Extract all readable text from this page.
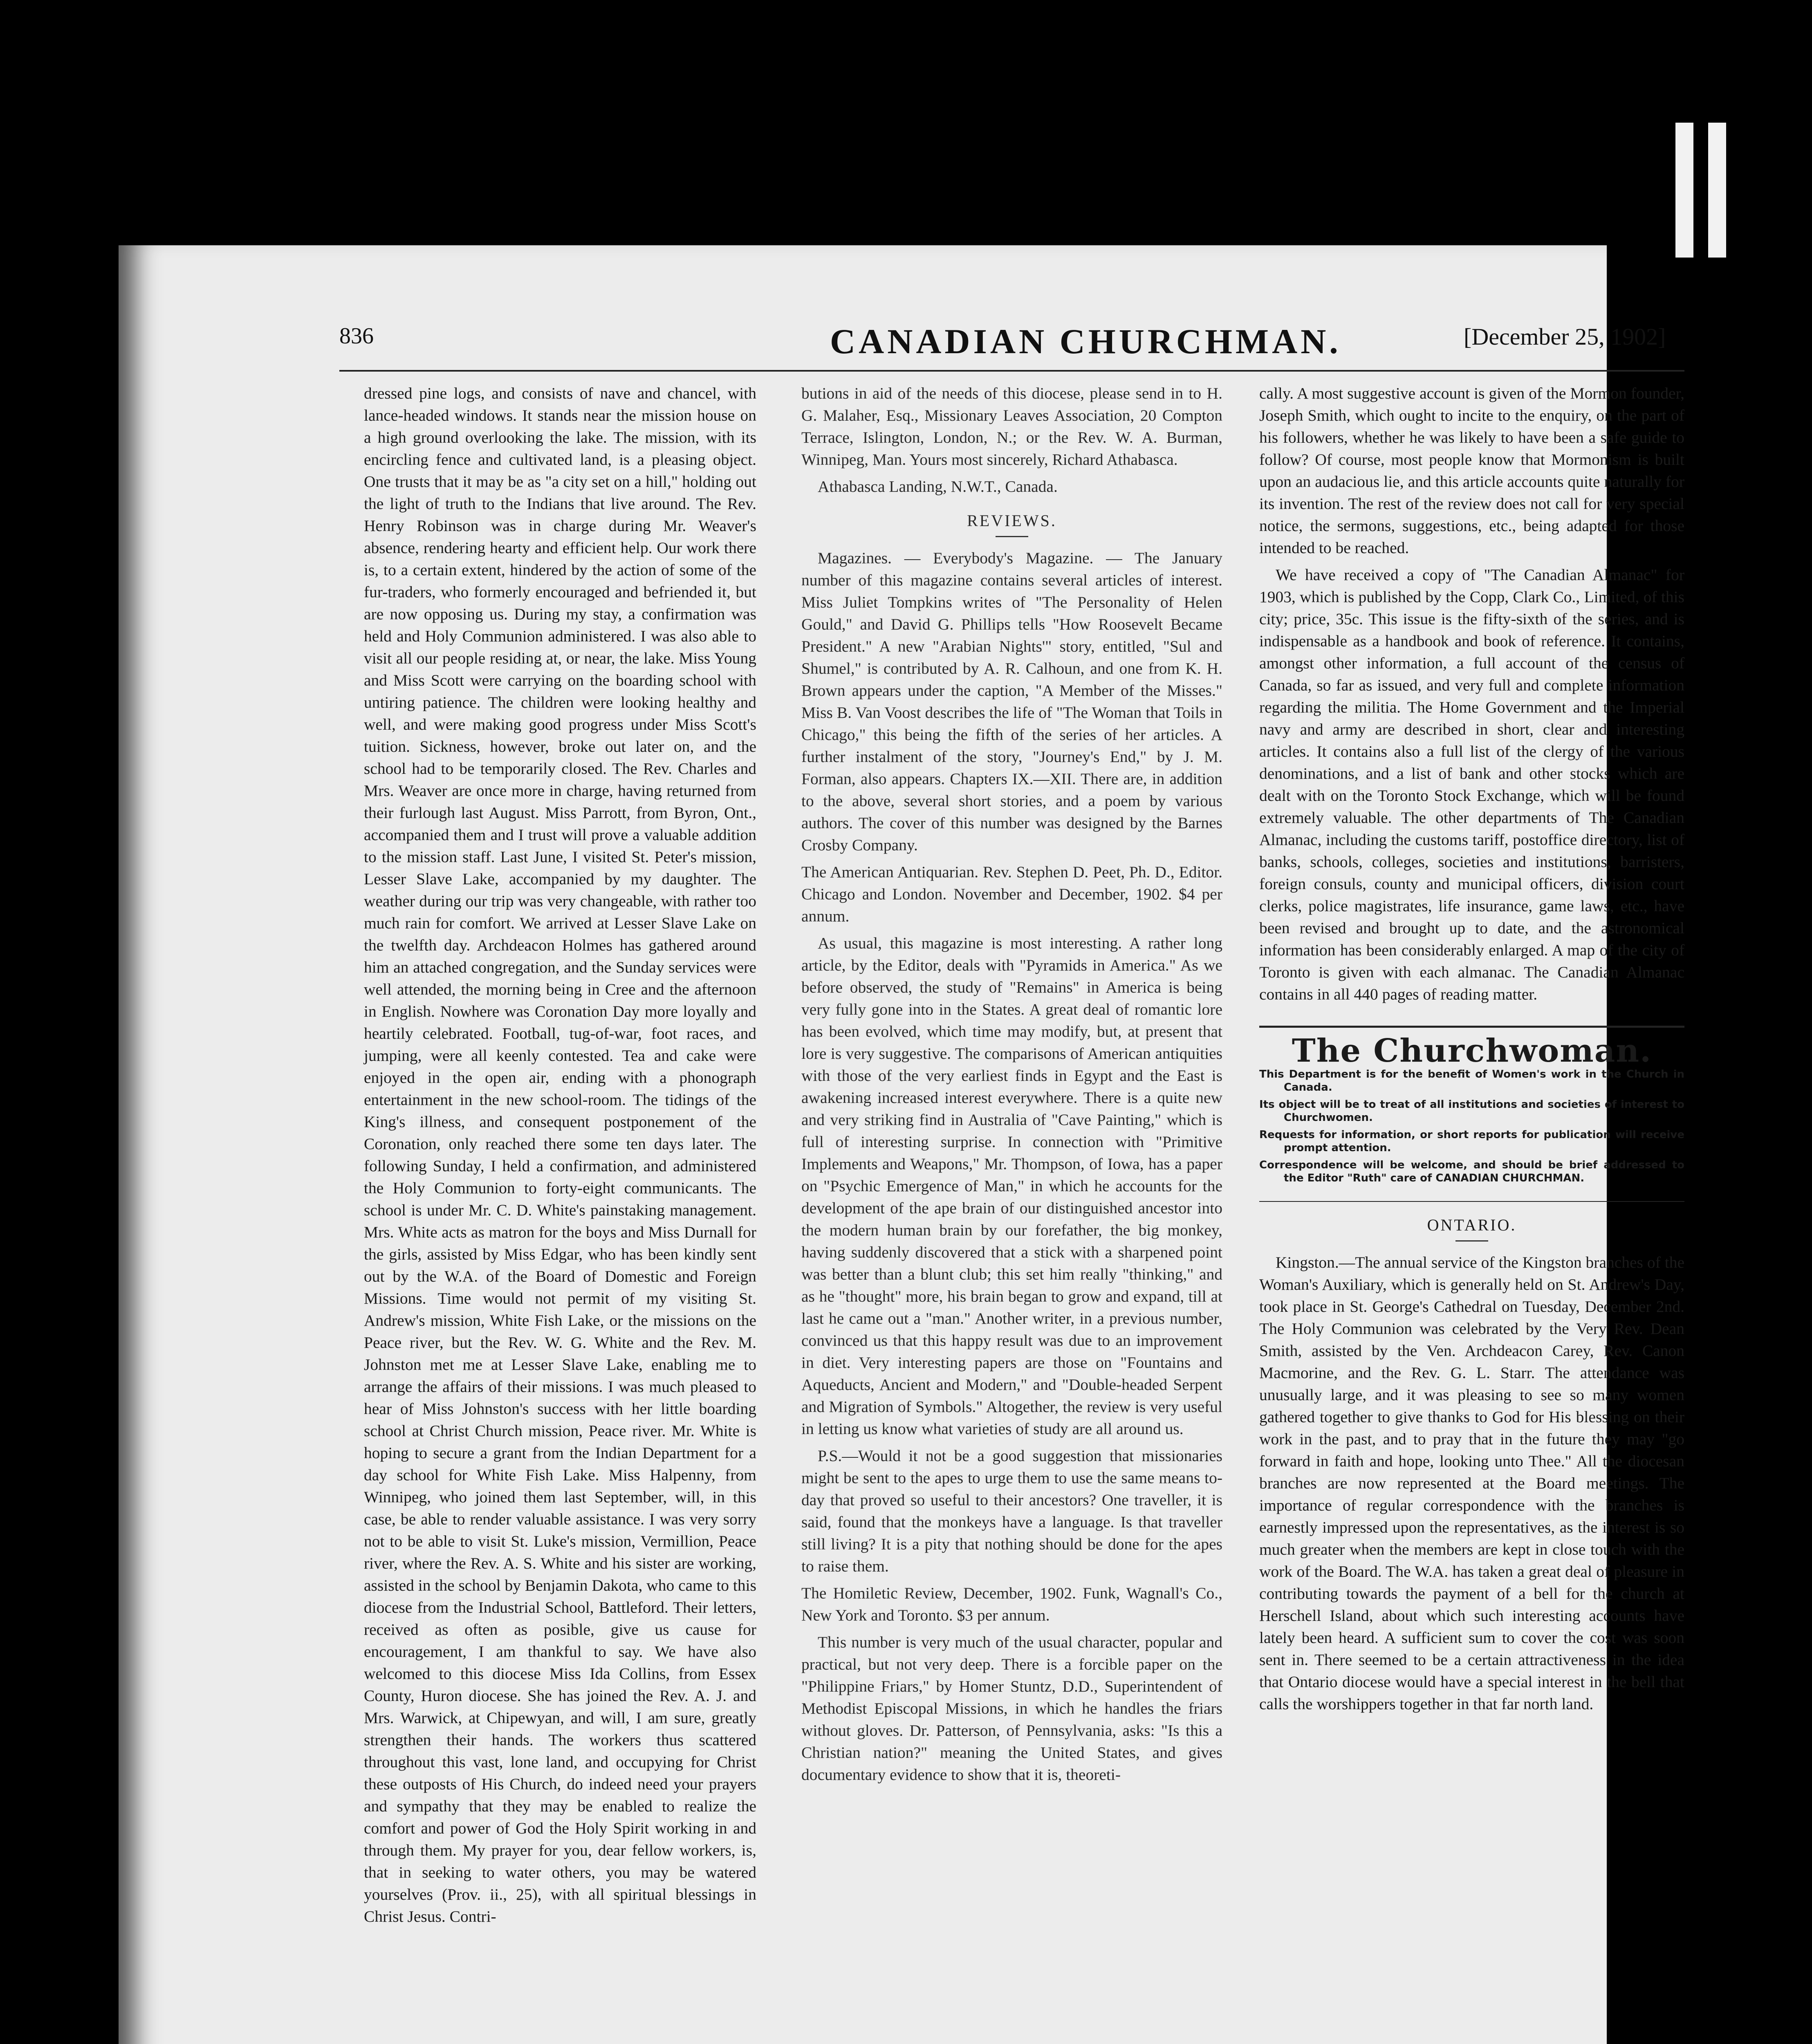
836	CANADIAN CHURCHMAN.	[December 25, 1902]

dressed pine logs, and consists of nave and chancel, with lance-headed windows. It stands near the mission house on a high ground overlooking the lake. The mission, with its encircling fence and cultivated land, is a pleasing object. One trusts that it may be as "a city set on a hill," holding out the light of truth to the Indians that live around. The Rev. Henry Robinson was in charge during Mr. Weaver's absence, rendering hearty and efficient help. Our work there is, to a certain extent, hindered by the action of some of the fur-traders, who formerly encouraged and befriended it, but are now opposing us. During my stay, a confirmation was held and Holy Communion administered. I was also able to visit all our people residing at, or near, the lake. Miss Young and Miss Scott were carrying on the boarding school with untiring patience. The children were looking healthy and well, and were making good progress under Miss Scott's tuition. Sickness, however, broke out later on, and the school had to be temporarily closed. The Rev. Charles and Mrs. Weaver are once more in charge, having returned from their furlough last August. Miss Parrott, from Byron, Ont., accompanied them and I trust will prove a valuable addition to the mission staff. Last June, I visited St. Peter's mission, Lesser Slave Lake, accompanied by my daughter. The weather during our trip was very changeable, with rather too much rain for comfort. We arrived at Lesser Slave Lake on the twelfth day. Archdeacon Holmes has gathered around him an attached congregation, and the Sunday services were well attended, the morning being in Cree and the afternoon in English. Nowhere was Coronation Day more loyally and heartily celebrated. Football, tug-of-war, foot races, and jumping, were all keenly contested. Tea and cake were enjoyed in the open air, ending with a phonograph entertainment in the new school-room. The tidings of the King's illness, and consequent postponement of the Coronation, only reached there some ten days later. The following Sunday, I held a confirmation, and administered the Holy Communion to forty-eight communicants. The school is under Mr. C. D. White's painstaking management. Mrs. White acts as matron for the boys and Miss Durnall for the girls, assisted by Miss Edgar, who has been kindly sent out by the W.A. of the Board of Domestic and Foreign Missions. Time would not permit of my visiting St. Andrew's mission, White Fish Lake, or the missions on the Peace river, but the Rev. W. G. White and the Rev. M. Johnston met me at Lesser Slave Lake, enabling me to arrange the affairs of their missions. I was much pleased to hear of Miss Johnston's success with her little boarding school at Christ Church mission, Peace river. Mr. White is hoping to secure a grant from the Indian Department for a day school for White Fish Lake. Miss Halpenny, from Winnipeg, who joined them last September, will, in this case, be able to render valuable assistance. I was very sorry not to be able to visit St. Luke's mission, Vermillion, Peace river, where the Rev. A. S. White and his sister are working, assisted in the school by Benjamin Dakota, who came to this diocese from the Industrial School, Battleford. Their letters, received as often as posible, give us cause for encouragement, I am thankful to say. We have also welcomed to this diocese Miss Ida Collins, from Essex County, Huron diocese. She has joined the Rev. A. J. and Mrs. Warwick, at Chipewyan, and will, I am sure, greatly strengthen their hands. The workers thus scattered throughout this vast, lone land, and occupying for Christ these outposts of His Church, do indeed need your prayers and sympathy that they may be enabled to realize the comfort and power of God the Holy Spirit working in and through them. My prayer for you, dear fellow workers, is, that in seeking to water others, you may be watered yourselves (Prov. ii., 25), with all spiritual blessings in Christ Jesus. Contri-

butions in aid of the needs of this diocese, please send in to H. G. Malaher, Esq., Missionary Leaves Association, 20 Compton Terrace, Islington, London, N.; or the Rev. W. A. Burman, Winnipeg, Man. Yours most sincerely, Richard Athabasca.

Athabasca Landing, N.W.T., Canada.

REVIEWS.

Magazines. — Everybody's Magazine. — The January number of this magazine contains several articles of interest. Miss Juliet Tompkins writes of "The Personality of Helen Gould," and David G. Phillips tells "How Roosevelt Became President." A new "Arabian Nights'" story, entitled, "Sul and Shumel," is contributed by A. R. Calhoun, and one from K. H. Brown appears under the caption, "A Member of the Misses." Miss B. Van Voost describes the life of "The Woman that Toils in Chicago," this being the fifth of the series of her articles. A further instalment of the story, "Journey's End," by J. M. Forman, also appears. Chapters IX.—XII. There are, in addition to the above, several short stories, and a poem by various authors. The cover of this number was designed by the Barnes Crosby Company.

The American Antiquarian. Rev. Stephen D. Peet, Ph. D., Editor. Chicago and London. November and December, 1902. $4 per annum.

As usual, this magazine is most interesting. A rather long article, by the Editor, deals with "Pyramids in America." As we before observed, the study of "Remains" in America is being very fully gone into in the States. A great deal of romantic lore has been evolved, which time may modify, but, at present that lore is very suggestive. The comparisons of American antiquities with those of the very earliest finds in Egypt and the East is awakening increased interest everywhere. There is a quite new and very striking find in Australia of "Cave Painting," which is full of interesting surprise. In connection with "Primitive Implements and Weapons," Mr. Thompson, of Iowa, has a paper on "Psychic Emergence of Man," in which he accounts for the development of the ape brain of our distinguished ancestor into the modern human brain by our forefather, the big monkey, having suddenly discovered that a stick with a sharpened point was better than a blunt club; this set him really "thinking," and as he "thought" more, his brain began to grow and expand, till at last he came out a "man." Another writer, in a previous number, convinced us that this happy result was due to an improvement in diet. Very interesting papers are those on "Fountains and Aqueducts, Ancient and Modern," and "Double-headed Serpent and Migration of Symbols." Altogether, the review is very useful in letting us know what varieties of study are all around us.

P.S.—Would it not be a good suggestion that missionaries might be sent to the apes to urge them to use the same means to-day that proved so useful to their ancestors? One traveller, it is said, found that the monkeys have a language. Is that traveller still living? It is a pity that nothing should be done for the apes to raise them.

The Homiletic Review, December, 1902. Funk, Wagnall's Co., New York and Toronto. $3 per annum.

This number is very much of the usual character, popular and practical, but not very deep. There is a forcible paper on the "Philippine Friars," by Homer Stuntz, D.D., Superintendent of Methodist Episcopal Missions, in which he handles the friars without gloves. Dr. Patterson, of Pennsylvania, asks: "Is this a Christian nation?" meaning the United States, and gives documentary evidence to show that it is, theoreti-

cally. A most suggestive account is given of the Mormon founder, Joseph Smith, which ought to incite to the enquiry, on the part of his followers, whether he was likely to have been a safe guide to follow? Of course, most people know that Mormonism is built upon an audacious lie, and this article accounts quite naturally for its invention. The rest of the review does not call for very special notice, the sermons, suggestions, etc., being adapted for those intended to be reached.

We have received a copy of "The Canadian Almanac" for 1903, which is published by the Copp, Clark Co., Limited, of this city; price, 35c. This issue is the fifty-sixth of the series, and is indispensable as a handbook and book of reference. It contains, amongst other information, a full account of the census of Canada, so far as issued, and very full and complete information regarding the militia. The Home Government and the Imperial navy and army are described in short, clear and interesting articles. It contains also a full list of the clergy of the various denominations, and a list of bank and other stocks which are dealt with on the Toronto Stock Exchange, which will be found extremely valuable. The other departments of The Canadian Almanac, including the customs tariff, postoffice directory, list of banks, schools, colleges, societies and institutions, barristers, foreign consuls, county and municipal officers, division court clerks, police magistrates, life insurance, game laws, etc., have been revised and brought up to date, and the astronomical information has been considerably enlarged. A map of the city of Toronto is given with each almanac. The Canadian Almanac contains in all 440 pages of reading matter.

The Churchwoman.
This Department is for the benefit of Women's work in the Church in Canada.
Its object will be to treat of all institutions and societies of interest to Churchwomen.
Requests for information, or short reports for publication will receive prompt attention.
Correspondence will be welcome, and should be brief addressed to the Editor "Ruth" care of CANADIAN CHURCHMAN.
ONTARIO.

Kingston.—The annual service of the Kingston branches of the Woman's Auxiliary, which is generally held on St. Andrew's Day, took place in St. George's Cathedral on Tuesday, December 2nd. The Holy Communion was celebrated by the Very Rev. Dean Smith, assisted by the Ven. Archdeacon Carey, Rev. Canon Macmorine, and the Rev. G. L. Starr. The attendance was unusually large, and it was pleasing to see so many women gathered together to give thanks to God for His blessing on their work in the past, and to pray that in the future they may "go forward in faith and hope, looking unto Thee." All the diocesan branches are now represented at the Board meetings. The importance of regular correspondence with the branches is earnestly impressed upon the representatives, as the interest is so much greater when the members are kept in close touch with the work of the Board. The W.A. has taken a great deal of pleasure in contributing towards the payment of a bell for the church at Herschell Island, about which such interesting accounts have lately been heard. A sufficient sum to cover the cost was soon sent in. There seemed to be a certain attractiveness in the idea that Ontario diocese would have a special interest in the bell that calls the worshippers together in that far north land.
